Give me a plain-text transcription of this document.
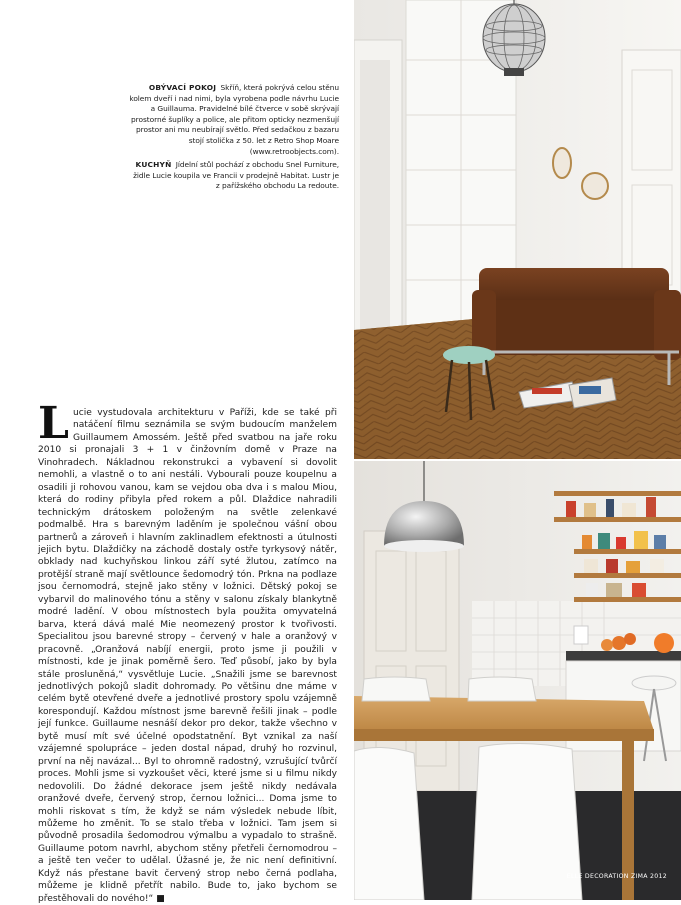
OBÝVACÍ POKOJ Skříň, která pokrývá celou stěnu kolem dveří i nad nimi, byla vyrobena podle návrhu Lucie a Guillauma. Pravidelné bílé čtverce v sobě skrývají prostorné šuplíky a police, ale přitom opticky nezmenšují prostor ani mu neubírají světlo. Před sedačkou z bazaru stojí stolička z 50. let z Retro Shop Moare (www.retroobjects.com).

KUCHYŇ Jídelní stůl pochází z obchodu Snel Furniture, židle Lucie koupila ve Francii v prodejně Habitat. Lustr je z pařížského obchodu La redoute.

Lucie vystudovala architekturu v Paříži, kde se také při natáčení filmu seznámila se svým budoucím manželem Guillaumem Amossém. Ještě před svatbou na jaře roku 2010 si pronajali 3 + 1 v činžovním domě v Praze na Vinohradech. Nákladnou rekonstrukci a vybavení si dovolit nemohli, a vlastně o to ani nestáli. Vybourali pouze koupelnu a osadili ji rohovou vanou, kam se vejdou oba dva i s malou Miou, která do rodiny přibyla před rokem a půl. Dlaždice nahradili technickým drátoskem položeným na světle zelenkavé podmalbě. Hra s barevným laděním je společnou vášní obou partnerů a zároveň i hlavním zaklinadlem efektnosti a útulnosti jejich bytu. Dlaždičky na záchodě dostaly ostře tyrkysový nátěr, obklady nad kuchyňskou linkou září syté žlutou, zatímco na protější straně mají světlounce šedomodrý tón. Prkna na podlaze jsou černomodrá, stejně jako stěny v ložnici. Dětský pokoj se vybarvil do malinového tónu a stěny v salonu získaly blankytně modré ladění. V obou místnostech byla použita omyvatelná barva, která dává malé Mie neomezený prostor k tvořivosti. Specialitou jsou barevné stropy – červený v hale a oranžový v pracovně. „Oranžová nabíjí energii, proto jsme ji použili v místnosti, kde je jinak poměrně šero. Teď působí, jako by byla stále prosluněná,“ vysvětluje Lucie. „Snažili jsme se barevnost jednotlivých pokojů sladit dohromady. Po většinu dne máme v celém bytě otevřené dveře a jednotlivé prostory spolu vzájemně korespondují. Každou místnost jsme barevně řešili jinak – podle její funkce. Guillaume nesnáší dekor pro dekor, takže všechno v bytě musí mít své účelné opodstatnění. Byt vznikal za naší vzájemné spolupráce – jeden dostal nápad, druhý ho rozvinul, první na něj navázal... Byl to ohromně radostný, vzrušující tvůrčí proces. Mohli jsme si vyzkoušet věci, které jsme si u filmu nikdy nedovolili. Do žádné dekorace jsem ještě nikdy nedávala oranžové dveře, červený strop, černou ložnici... Doma jsme to mohli riskovat s tím, že když se nám výsledek nebude líbit, můžeme ho změnit. To se stalo třeba v ložnici. Tam jsem si původně prosadila šedomodrou výmalbu a vypadalo to strašně. Guillaume potom navrhl, abychom stěny přetřeli černomodrou – a ještě ten večer to udělal. Úžasné je, že nic není definitivní. Když nás přestane bavit červený strop nebo černá podlaha, můžeme je klidně přetřít nabilo. Bude to, jako bychom se přestěhovali do nového!“ ■
ELLE DECORATION ZIMA 2012
